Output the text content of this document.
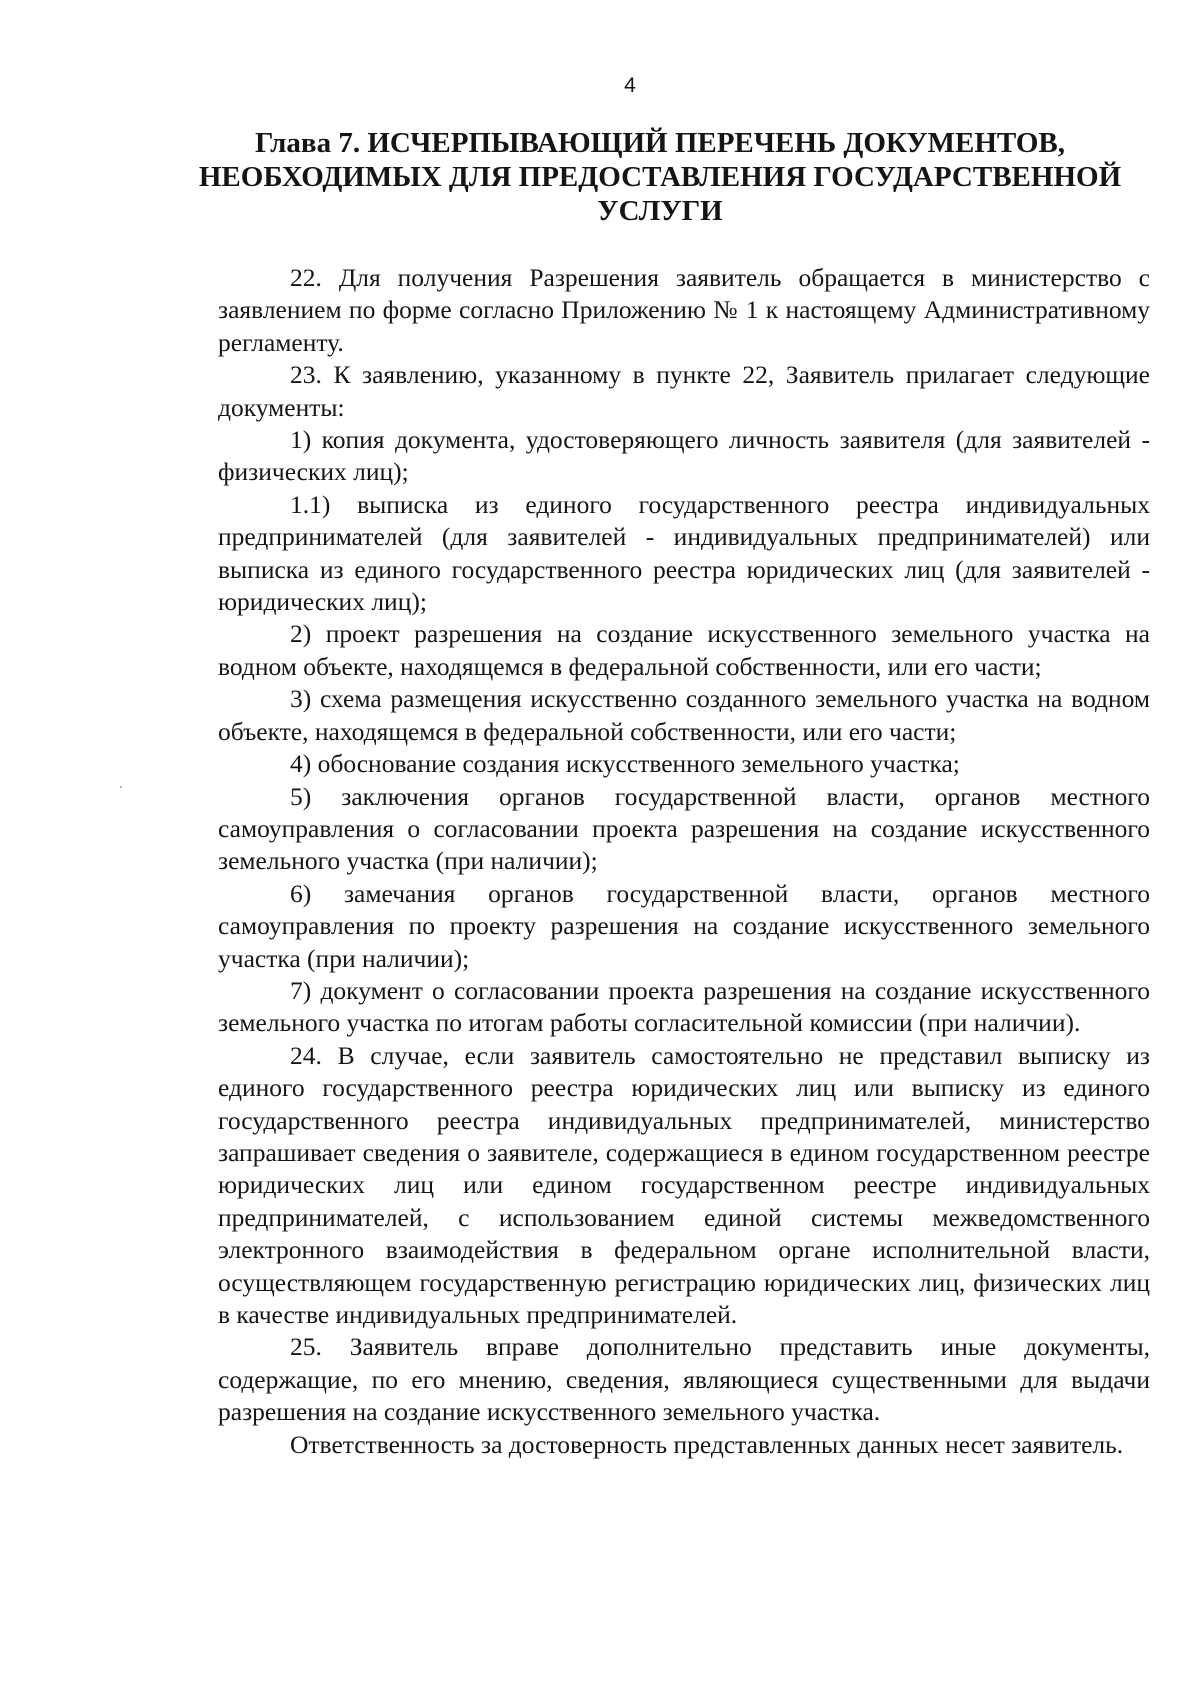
4
Глава 7. ИСЧЕРПЫВАЮЩИЙ ПЕРЕЧЕНЬ ДОКУМЕНТОВ,
НЕОБХОДИМЫХ ДЛЯ ПРЕДОСТАВЛЕНИЯ ГОСУДАРСТВЕННОЙ
УСЛУГИ

22. Для получения Разрешения заявитель обращается в министерство с заявлением по форме согласно Приложению № 1 к настоящему Административному регламенту.

23. К заявлению, указанному в пункте 22, Заявитель прилагает следующие документы:

1) копия документа, удостоверяющего личность заявителя (для заявителей - физических лиц);

1.1) выписка из единого государственного реестра индивидуальных предпринимателей (для заявителей - индивидуальных предпринимателей) или выписка из единого государственного реестра юридических лиц (для заявителей - юридических лиц);

2) проект разрешения на создание искусственного земельного участка на водном объекте, находящемся в федеральной собственности, или его части;

3) схема размещения искусственно созданного земельного участка на водном объекте, находящемся в федеральной собственности, или его части;

4) обоснование создания искусственного земельного участка;

5) заключения органов государственной власти, органов местного самоуправления о согласовании проекта разрешения на создание искусственного земельного участка (при наличии);

6) замечания органов государственной власти, органов местного самоуправления по проекту разрешения на создание искусственного земельного участка (при наличии);

7) документ о согласовании проекта разрешения на создание искусственного земельного участка по итогам работы согласительной комиссии (при наличии).

24. В случае, если заявитель самостоятельно не представил выписку из единого государственного реестра юридических лиц или выписку из единого государственного реестра индивидуальных предпринимателей, министерство запрашивает сведения о заявителе, содержащиеся в едином государственном реестре юридических лиц или едином государственном реестре индивидуальных предпринимателей, с использованием единой системы межведомственного электронного взаимодействия в федеральном органе исполнительной власти, осуществляющем государственную регистрацию юридических лиц, физических лиц в качестве индивидуальных предпринимателей.

25. Заявитель вправе дополнительно представить иные документы, содержащие, по его мнению, сведения, являющиеся существенными для выдачи разрешения на создание искусственного земельного участка.

Ответственность за достоверность представленных данных несет заявитель.
